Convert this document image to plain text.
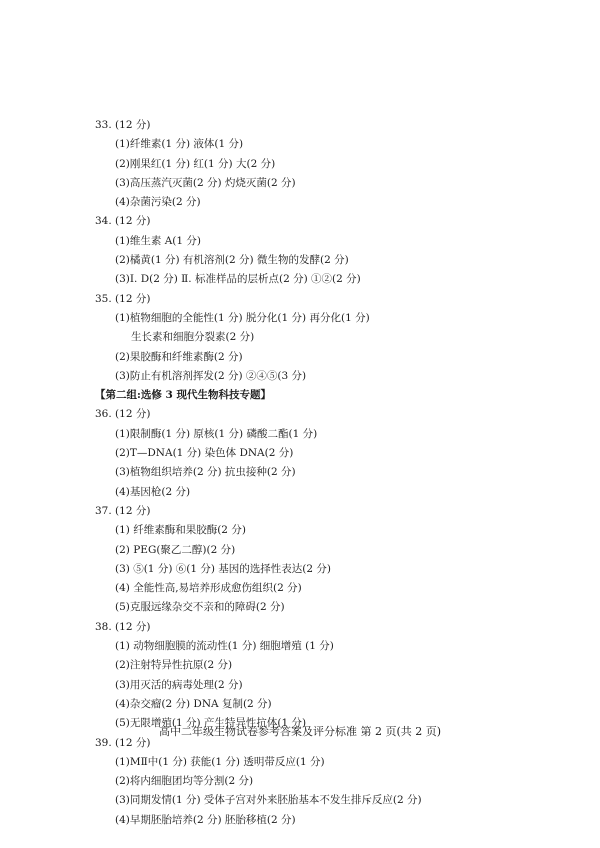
33. (12 分)
(1)纤维素(1 分) 液体(1 分)
(2)刚果红(1 分) 红(1 分) 大(2 分)
(3)高压蒸汽灭菌(2 分) 灼烧灭菌(2 分)
(4)杂菌污染(2 分)
34. (12 分)
(1)维生素 A(1 分)
(2)橘黄(1 分) 有机溶剂(2 分) 微生物的发酵(2 分)
(3)Ⅰ. D(2 分) Ⅱ. 标准样品的层析点(2 分) ①②(2 分)
35. (12 分)
(1)植物细胞的全能性(1 分) 脱分化(1 分) 再分化(1 分)
生长素和细胞分裂素(2 分)
(2)果胶酶和纤维素酶(2 分)
(3)防止有机溶剂挥发(2 分) ②④⑤(3 分)
【第二组:选修 3 现代生物科技专题】
36. (12 分)
(1)限制酶(1 分) 原核(1 分) 磷酸二酯(1 分)
(2)T—DNA(1 分) 染色体 DNA(2 分)
(3)植物组织培养(2 分) 抗虫接种(2 分)
(4)基因枪(2 分)
37. (12 分)
(1) 纤维素酶和果胶酶(2 分)
(2) PEG(聚乙二醇)(2 分)
(3) ⑤(1 分) ⑥(1 分) 基因的选择性表达(2 分)
(4) 全能性高,易培养形成愈伤组织(2 分)
(5)克服远缘杂交不亲和的障碍(2 分)
38. (12 分)
(1) 动物细胞膜的流动性(1 分) 细胞增殖 (1 分)
(2)注射特异性抗原(2 分)
(3)用灭活的病毒处理(2 分)
(4)杂交瘤(2 分) DNA 复制(2 分)
(5)无限增殖(1 分) 产生特异性抗体(1 分)
39. (12 分)
(1)MⅡ中(1 分) 获能(1 分) 透明带反应(1 分)
(2)将内细胞团均等分割(2 分)
(3)同期发情(1 分) 受体子宫对外来胚胎基本不发生排斥反应(2 分)
(4)早期胚胎培养(2 分) 胚胎移植(2 分)
高中二年级生物试卷参考答案及评分标准 第 2 页(共 2 页)
